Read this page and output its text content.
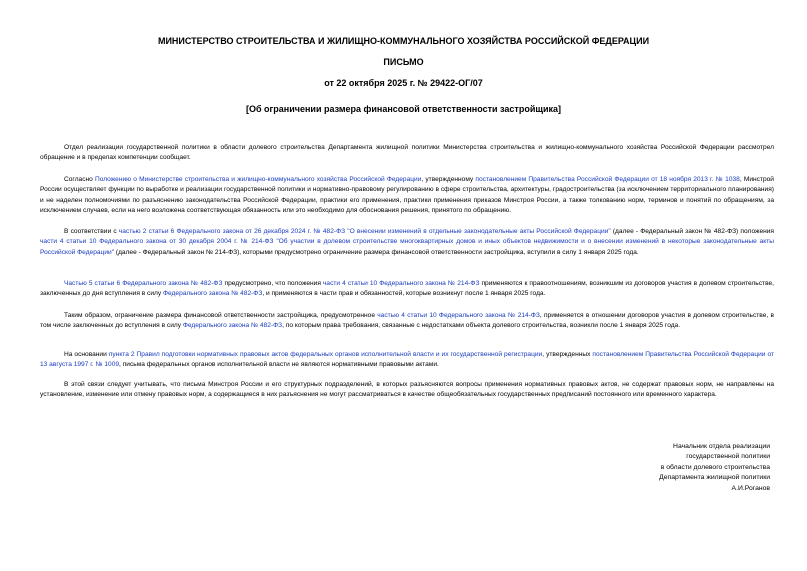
МИНИСТЕРСТВО СТРОИТЕЛЬСТВА И ЖИЛИЩНО-КОММУНАЛЬНОГО ХОЗЯЙСТВА РОССИЙСКОЙ ФЕДЕРАЦИИ
ПИСЬМО
от 22 октября 2025 г. № 29422-ОГ/07
[Об ограничении размера финансовой ответственности застройщика]
Отдел реализации государственной политики в области долевого строительства Департамента жилищной политики Министерства строительства и жилищно-коммунального хозяйства Российской Федерации рассмотрел обращение и в пределах компетенции сообщает.
Согласно Положению о Министерстве строительства и жилищно-коммунального хозяйства Российской Федерации, утвержденному постановлением Правительства Российской Федерации от 18 ноября 2013 г. № 1038, Минстрой России осуществляет функции по выработке и реализации государственной политики и нормативно-правовому регулированию в сфере строительства, архитектуры, градостроительства (за исключением территориального планирования) и не наделен полномочиями по разъяснению законодательства Российской Федерации, практики его применения, практики применения приказов Минстроя России, а также толкованию норм, терминов и понятий по обращениям, за исключением случаев, если на него возложена соответствующая обязанность или это необходимо для обоснования решения, принятого по обращению.
В соответствии с частью 2 статьи 6 Федерального закона от 26 декабря 2024 г. № 482-ФЗ "О внесении изменений в отдельные законодательные акты Российской Федерации" (далее - Федеральный закон № 482-ФЗ) положения части 4 статьи 10 Федерального закона от 30 декабря 2004 г. № 214-ФЗ "Об участии в долевом строительстве многоквартирных домов и иных объектов недвижимости и о внесении изменений в некоторые законодательные акты Российской Федерации" (далее - Федеральный закон № 214-ФЗ), которыми предусмотрено ограничение размера финансовой ответственности застройщика, вступили в силу 1 января 2025 года.
Частью 5 статьи 6 Федерального закона № 482-ФЗ предусмотрено, что положения части 4 статьи 10 Федерального закона № 214-ФЗ применяются к правоотношениям, возникшим из договоров участия в долевом строительстве, заключенных до дня вступления в силу Федерального закона № 482-ФЗ, и применяются в части прав и обязанностей, которые возникнут после 1 января 2025 года.
Таким образом, ограничение размера финансовой ответственности застройщика, предусмотренное частью 4 статьи 10 Федерального закона № 214-ФЗ, применяется в отношении договоров участия в долевом строительстве, в том числе заключенных до вступления в силу Федерального закона № 482-ФЗ, по которым права требования, связанные с недостатками объекта долевого строительства, возникли после 1 января 2025 года.
На основании пункта 2 Правил подготовки нормативных правовых актов федеральных органов исполнительной власти и их государственной регистрации, утвержденных постановлением Правительства Российской Федерации от 13 августа 1997 г. № 1009, письма федеральных органов исполнительной власти не являются нормативными правовыми актами.
В этой связи следует учитывать, что письма Минстроя России и его структурных подразделений, в которых разъясняются вопросы применения нормативных правовых актов, не содержат правовых норм, не направлены на установление, изменение или отмену правовых норм, а содержащиеся в них разъяснения не могут рассматриваться в качестве общеобязательных государственных предписаний постоянного или временного характера.
Начальник отдела реализации
государственной политики
в области долевого строительства
Департамента жилищной политики
А.И.Роганов
